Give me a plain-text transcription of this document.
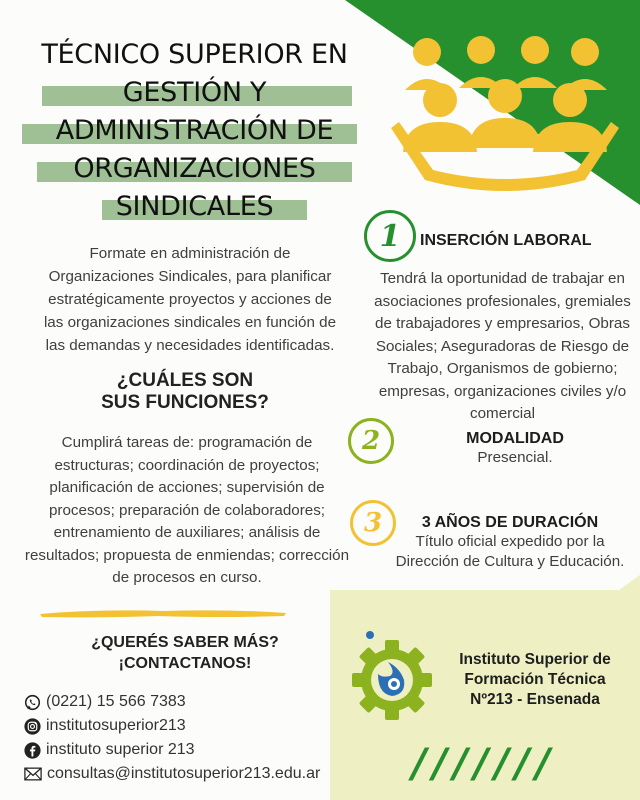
TÉCNICO SUPERIOR EN
GESTIÓN Y
ADMINISTRACIÓN DE
ORGANIZACIONES
SINDICALES
Formate en administración de Organizaciones Sindicales, para planificar estratégicamente proyectos y acciones de las organizaciones sindicales en función de las demandas y necesidades identificadas.
¿CUÁLES SON
SUS FUNCIONES?
Cumplirá tareas de: programación de estructuras; coordinación de proyectos; planificación de acciones; supervisión de procesos; preparación de colaboradores; entrenamiento de auxiliares; análisis de resultados; propuesta de enmiendas; corrección de procesos en curso.
¿QUERÉS SABER MÁS?
¡CONTACTANOS!
(0221) 15 566 7383
institutosuperior213
instituto superior 213
consultas@institutosuperior213.edu.ar
1	INSERCIÓN LABORAL
Tendrá la oportunidad de trabajar en asociaciones profesionales, gremiales de trabajadores y empresarios, Obras Sociales; Aseguradoras de Riesgo de Trabajo, Organismos de gobierno; empresas, organizaciones civiles y/o comercial
2	MODALIDAD
Presencial.
3	3 AÑOS DE DURACIÓN
Título oficial expedido por la
Dirección de Cultura y Educación.
Instituto Superior de
Formación Técnica
Nº213 - Ensenada
///////
